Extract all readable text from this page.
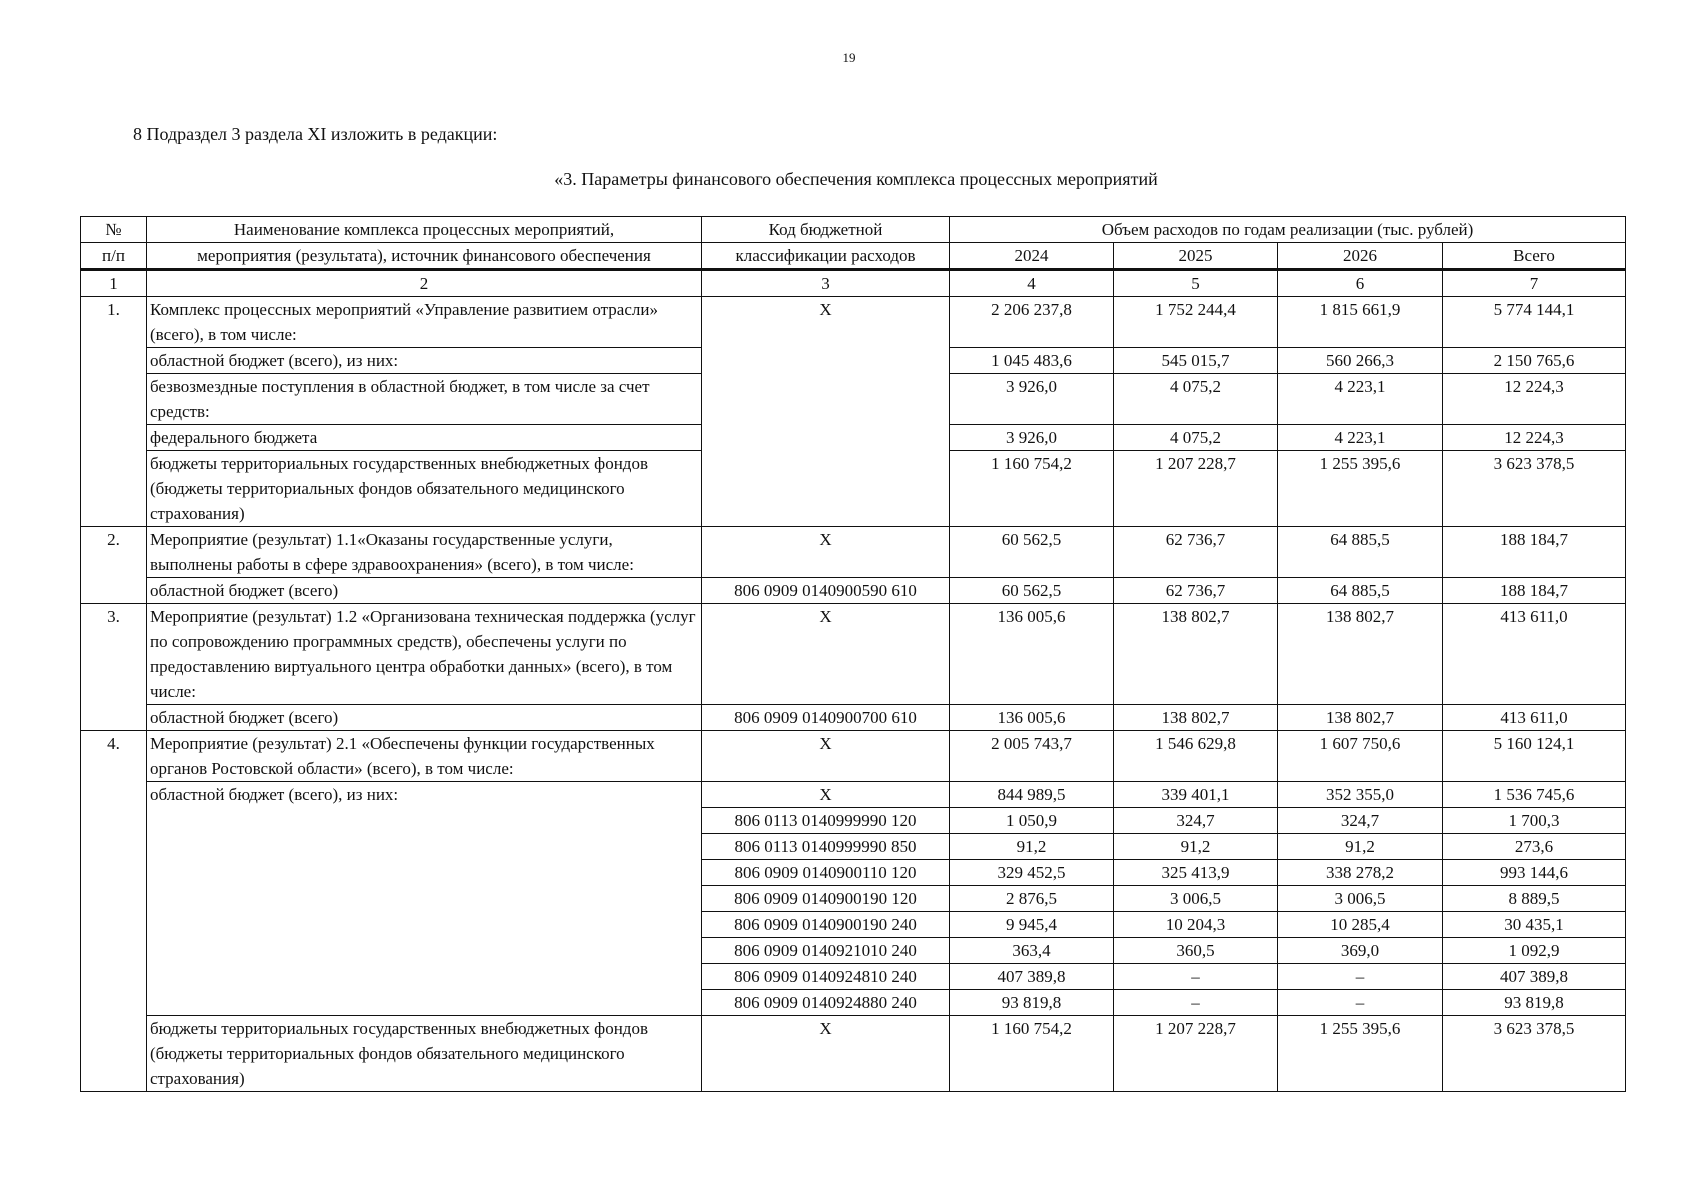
19
8 Подраздел 3 раздела XI изложить в редакции:
«3. Параметры финансового обеспечения комплекса процессных мероприятий
№	Наименование комплекса процессных мероприятий,	Код бюджетной	Объем расходов по годам реализации (тыс. рублей)			
п/п	мероприятия (результата), источник финансового обеспечения	классификации расходов	2024	2025	2026	Всего
1	2	3	4	5	6	7
1.	Комплекс процессных мероприятий «Управление развитием отрасли» (всего), в том числе:	Х	2 206 237,8	1 752 244,4	1 815 661,9	5 774 144,1
	областной бюджет (всего), из них:		1 045 483,6	545 015,7	560 266,3	2 150 765,6
	безвозмездные поступления в областной бюджет, в том числе за счет средств:		3 926,0	4 075,2	4 223,1	12 224,3
	федерального бюджета		3 926,0	4 075,2	4 223,1	12 224,3
	бюджеты территориальных государственных внебюджетных фондов (бюджеты территориальных фондов обязательного медицинского страхования)		1 160 754,2	1 207 228,7	1 255 395,6	3 623 378,5
2.	Мероприятие (результат) 1.1«Оказаны государственные услуги, выполнены работы в сфере здравоохранения» (всего), в том числе:	Х	60 562,5	62 736,7	64 885,5	188 184,7
	областной бюджет (всего)	806 0909 0140900590 610	60 562,5	62 736,7	64 885,5	188 184,7
3.	Мероприятие (результат) 1.2 «Организована техническая поддержка (услуг по сопровождению программных средств), обеспечены услуги по предоставлению виртуального центра обработки данных» (всего), в том числе:	Х	136 005,6	138 802,7	138 802,7	413 611,0
	областной бюджет (всего)	806 0909 0140900700 610	136 005,6	138 802,7	138 802,7	413 611,0
4.	Мероприятие (результат) 2.1 «Обеспечены функции государственных органов Ростовской области» (всего), в том числе:	Х	2 005 743,7	1 546 629,8	1 607 750,6	5 160 124,1
	областной бюджет (всего), из них:	Х	844 989,5	339 401,1	352 355,0	1 536 745,6
		806 0113 0140999990 120	1 050,9	324,7	324,7	1 700,3
		806 0113 0140999990 850	91,2	91,2	91,2	273,6
		806 0909 0140900110 120	329 452,5	325 413,9	338 278,2	993 144,6
		806 0909 0140900190 120	2 876,5	3 006,5	3 006,5	8 889,5
		806 0909 0140900190 240	9 945,4	10 204,3	10 285,4	30 435,1
		806 0909 0140921010 240	363,4	360,5	369,0	1 092,9
		806 0909 0140924810 240	407 389,8	–	–	407 389,8
		806 0909 0140924880 240	93 819,8	–	–	93 819,8
	бюджеты территориальных государственных внебюджетных фондов (бюджеты территориальных фондов обязательного медицинского страхования)	Х	1 160 754,2	1 207 228,7	1 255 395,6	3 623 378,5
